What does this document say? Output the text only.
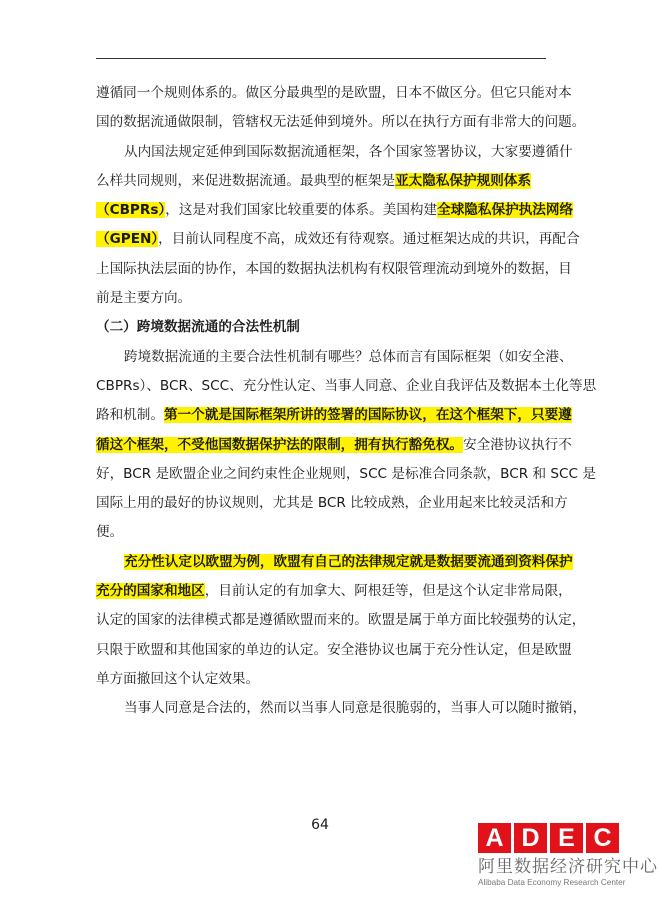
遵循同一个规则体系的。做区分最典型的是欧盟，日本不做区分。但它只能对本
国的数据流通做限制，管辖权无法延伸到境外。所以在执行方面有非常大的问题。
从内国法规定延伸到国际数据流通框架，各个国家签署协议，大家要遵循什
么样共同规则，来促进数据流通。最典型的框架是亚太隐私保护规则体系
（CBPRs），这是对我们国家比较重要的体系。美国构建全球隐私保护执法网络
（GPEN），目前认同程度不高，成效还有待观察。通过框架达成的共识，再配合
上国际执法层面的协作，本国的数据执法机构有权限管理流动到境外的数据，目
前是主要方向。
（二）跨境数据流通的合法性机制
跨境数据流通的主要合法性机制有哪些？总体而言有国际框架（如安全港、
CBPRs）、BCR、SCC、充分性认定、当事人同意、企业自我评估及数据本土化等思
路和机制。第一个就是国际框架所讲的签署的国际协议，在这个框架下，只要遵
循这个框架，不受他国数据保护法的限制，拥有执行豁免权。安全港协议执行不
好，BCR 是欧盟企业之间约束性企业规则，SCC 是标准合同条款，BCR 和 SCC 是
国际上用的最好的协议规则，尤其是 BCR 比较成熟，企业用起来比较灵活和方
便。
充分性认定以欧盟为例，欧盟有自己的法律规定就是数据要流通到资料保护
充分的国家和地区，目前认定的有加拿大、阿根廷等，但是这个认定非常局限，
认定的国家的法律模式都是遵循欧盟而来的。欧盟是属于单方面比较强势的认定，
只限于欧盟和其他国家的单边的认定。安全港协议也属于充分性认定，但是欧盟
单方面撤回这个认定效果。
当事人同意是合法的，然而以当事人同意是很脆弱的，当事人可以随时撤销，
64	A D E C
阿里数据经济研究中心
Alibaba Data Economy Research Center
